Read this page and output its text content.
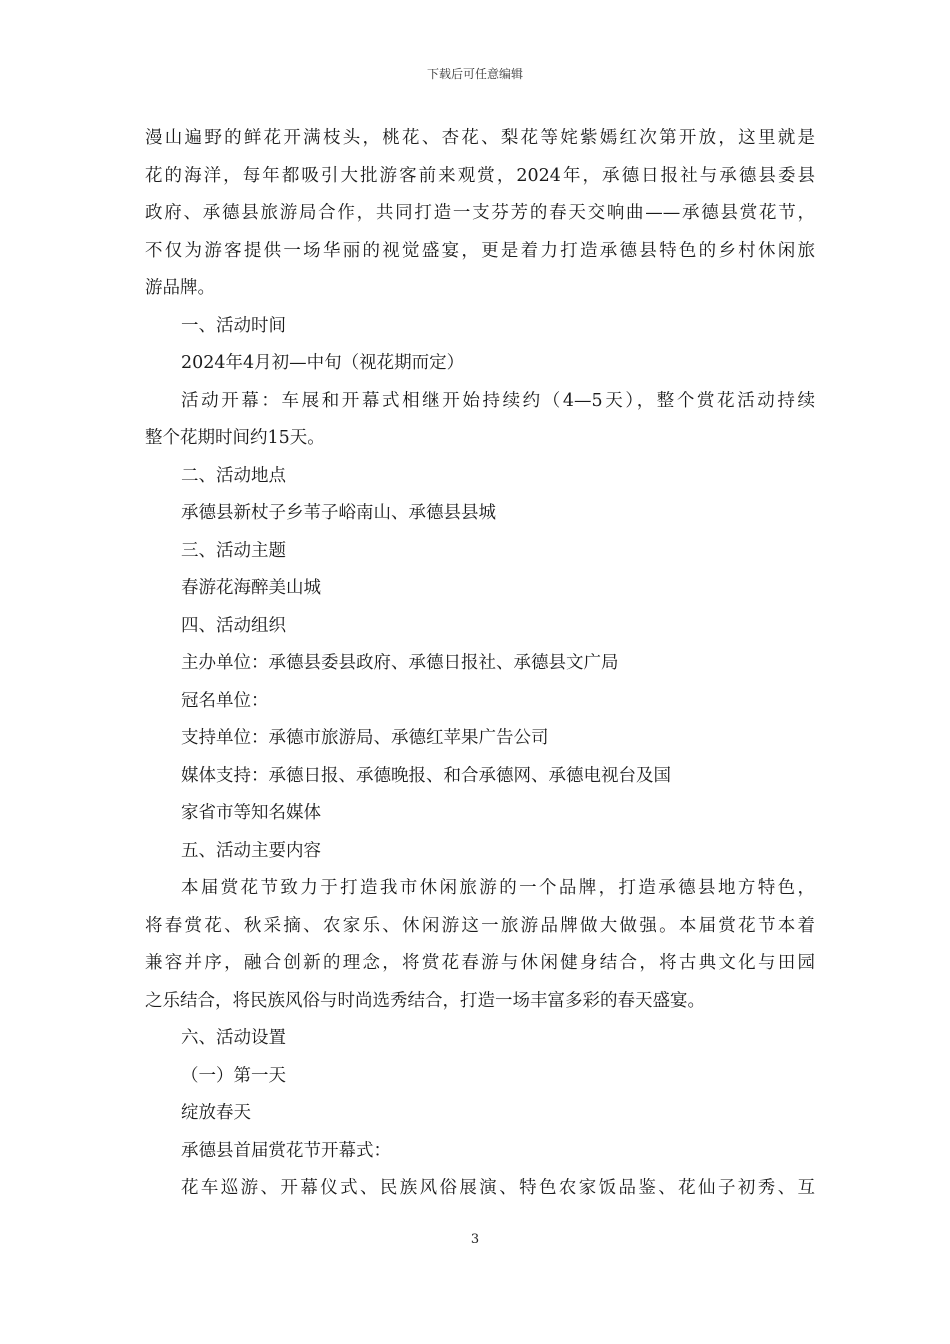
下载后可任意编辑
漫山遍野的鲜花开满枝头，桃花、杏花、梨花等姹紫嫣红次第开放，这里就是
花的海洋，每年都吸引大批游客前来观赏，2024年，承德日报社与承德县委县
政府、承德县旅游局合作，共同打造一支芬芳的春天交响曲——承德县赏花节，
不仅为游客提供一场华丽的视觉盛宴，更是着力打造承德县特色的乡村休闲旅
游品牌。
一、活动时间
2024年4月初—中旬（视花期而定）
活动开幕：车展和开幕式相继开始持续约（4—5天），整个赏花活动持续
整个花期时间约15天。
二、活动地点
承德县新杖子乡苇子峪南山、承德县县城
三、活动主题
春游花海醉美山城
四、活动组织
主办单位：承德县委县政府、承德日报社、承德县文广局
冠名单位：
支持单位：承德市旅游局、承德红苹果广告公司
媒体支持：承德日报、承德晚报、和合承德网、承德电视台及国
家省市等知名媒体
五、活动主要内容
本届赏花节致力于打造我市休闲旅游的一个品牌，打造承德县地方特色，
将春赏花、秋采摘、农家乐、休闲游这一旅游品牌做大做强。本届赏花节本着
兼容并序，融合创新的理念，将赏花春游与休闲健身结合，将古典文化与田园
之乐结合，将民族风俗与时尚选秀结合，打造一场丰富多彩的春天盛宴。
六、活动设置
（一）第一天
绽放春天
承德县首届赏花节开幕式：
花车巡游、开幕仪式、民族风俗展演、特色农家饭品鉴、花仙子初秀、互
3
